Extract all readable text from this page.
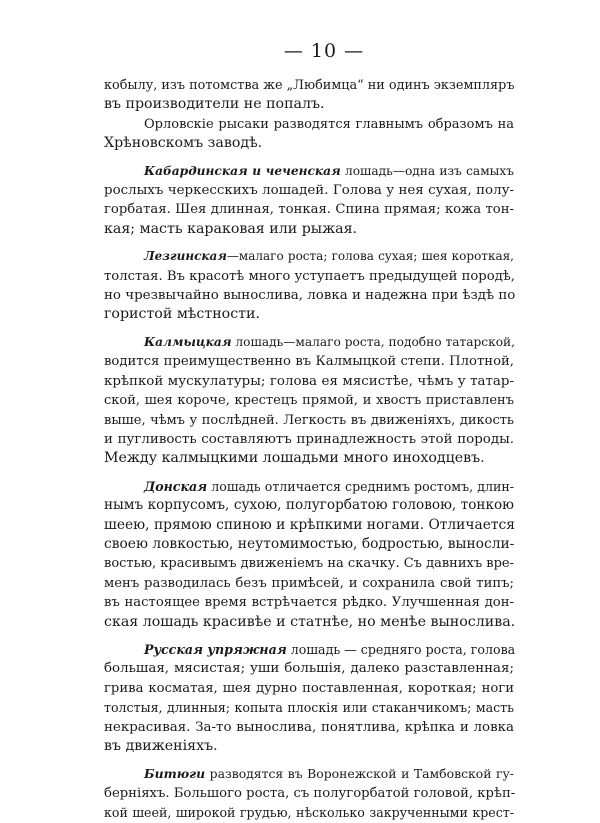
— 10 —

кобылу, изъ потомства же „Любимца“ ни одинъ экземпляръ
въ производители не попалъ.

Орловскіе рысаки разводятся главнымъ образомъ на
Хрѣновскомъ заводѣ.

Кабардинская и чеченская лошадь—одна изъ самыхъ
рослыхъ черкесскихъ лошадей. Голова у нея сухая, полу-
горбатая. Шея длинная, тонкая. Спина прямая; кожа тон-
кая; масть караковая или рыжая.

Лезгинская—малаго роста; голова сухая; шея короткая,
толстая. Въ красотѣ много уступаетъ предыдущей породѣ,
но чрезвычайно вынослива, ловка и надежна при ѣздѣ по
гористой мѣстности.

Калмыцкая лошадь—малаго роста, подобно татарской,
водится преимущественно въ Калмыцкой степи. Плотной,
крѣпкой мускулатуры; голова ея мясистѣе, чѣмъ у татар-
ской, шея короче, крестецъ прямой, и хвостъ приставленъ
выше, чѣмъ у послѣдней. Легкость въ движеніяхъ, дикость
и пугливость составляютъ принадлежность этой породы.
Между калмыцкими лошадьми много иноходцевъ.

Донская лошадь отличается среднимъ ростомъ, длин-
нымъ корпусомъ, сухою, полугорбатою головою, тонкою
шеею, прямою спиною и крѣпкими ногами. Отличается
своею ловкостью, неутомимостью, бодростью, выносли-
востью, красивымъ движеніемъ на скачку. Съ давнихъ вре-
менъ разводилась безъ примѣсей, и сохранила свой типъ;
въ настоящее время встрѣчается рѣдко. Улучшенная дон-
ская лошадь красивѣе и статнѣе, но менѣе вынослива.

Русская упряжная лошадь — средняго роста, голова
большая, мясистая; уши большія, далеко разставленная;
грива косматая, шея дурно поставленная, короткая; ноги
толстыя, длинныя; копыта плоскія или стаканчикомъ; масть
некрасивая. За-то вынослива, понятлива, крѣпка и ловка
въ движеніяхъ.

Битюги разводятся въ Воронежской и Тамбовской гу-
берніяхъ. Большого роста, съ полугорбатой головой, крѣп-
кой шеей, широкой грудью, нѣсколько закрученными крест-
